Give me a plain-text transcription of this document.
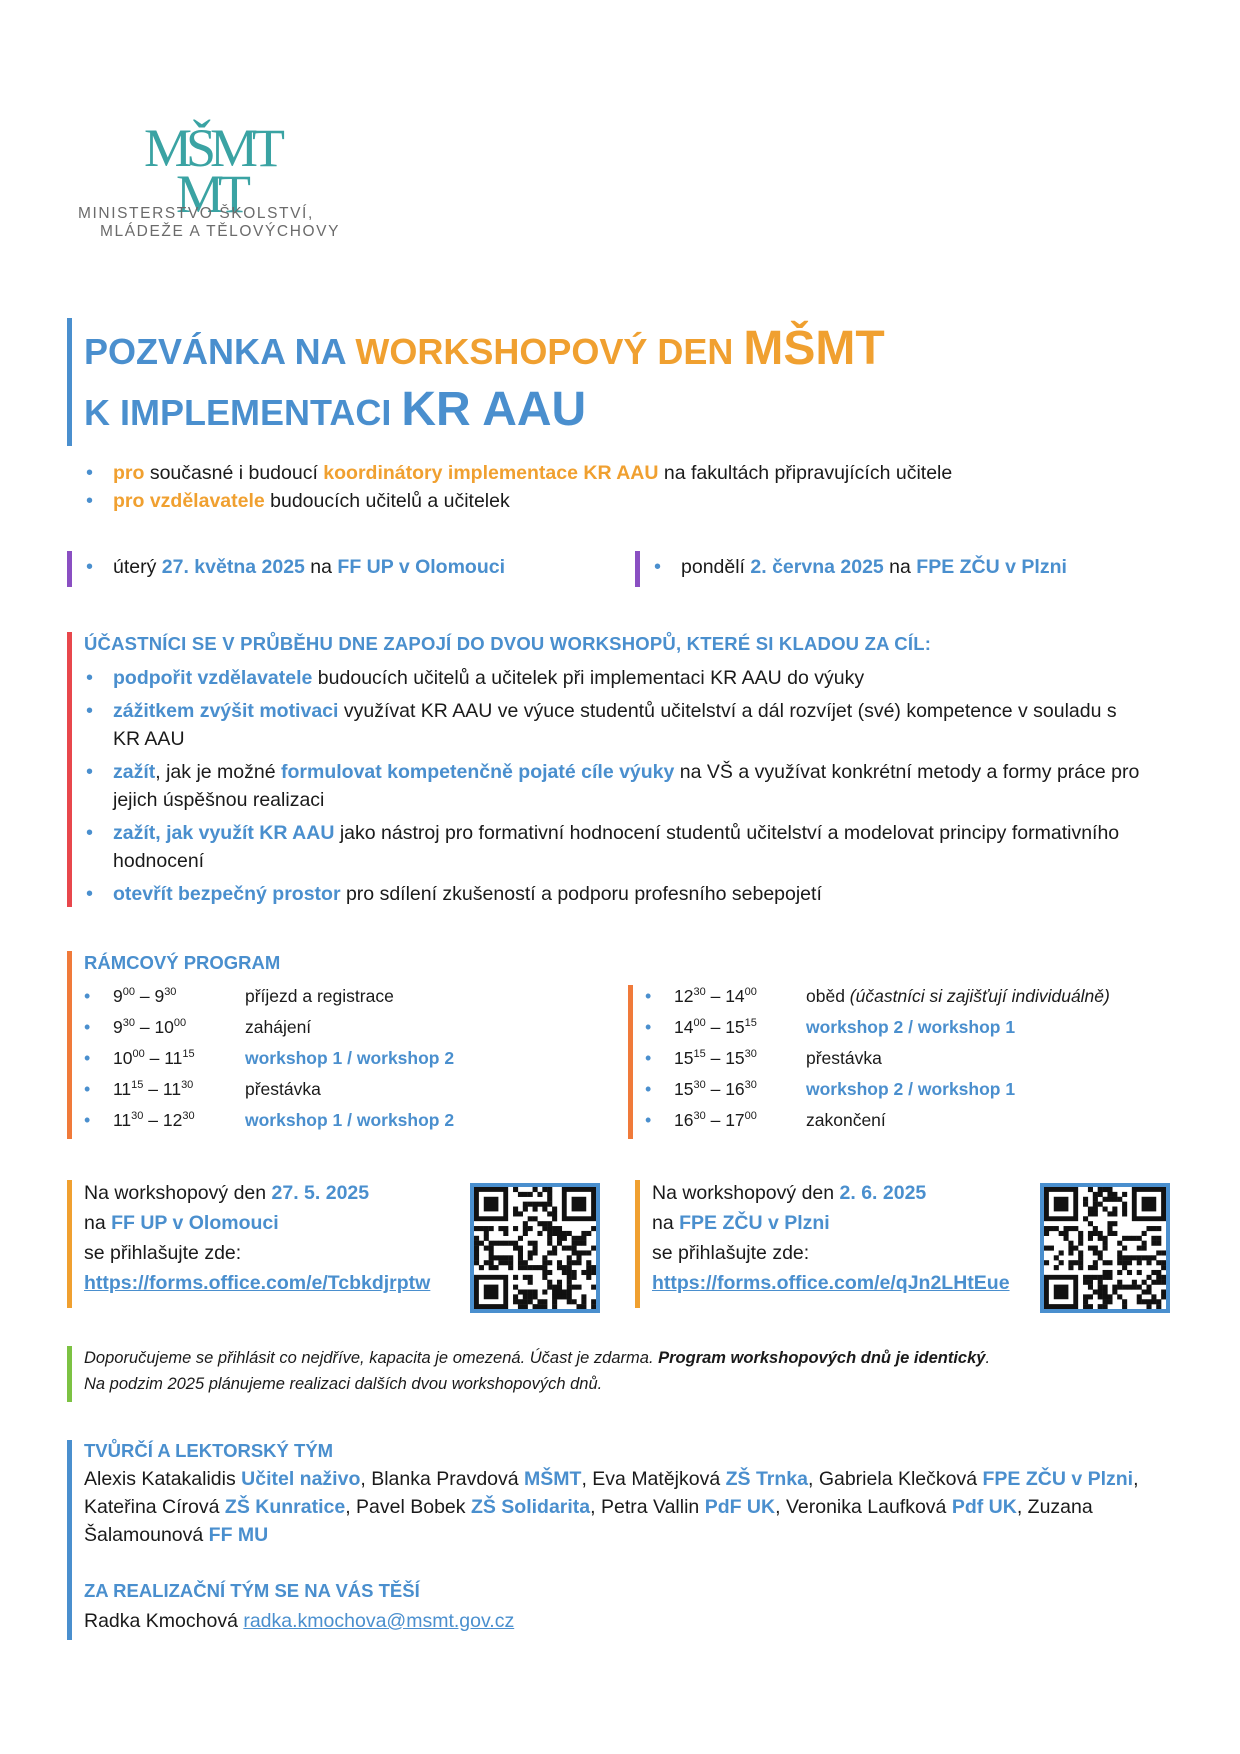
MŠMT
MT
MINISTERSTVO ŠKOLSTVÍ,
MLÁDEŽE A TĚLOVÝCHOVY
POZVÁNKA NA WORKSHOPOVÝ DEN MŠMT
K IMPLEMENTACI KR AAU
• pro současné i budoucí koordinátory implementace KR AAU na fakultách připravujících učitele
• pro vzdělavatele budoucích učitelů a učitelek
• úterý 27. května 2025 na FF UP v Olomouci
•	pondělí 2. června 2025 na FPE ZČU v Plzni
ÚČASTNÍCI SE V PRŮBĚHU DNE ZAPOJÍ DO DVOU WORKSHOPŮ, KTERÉ SI KLADOU ZA CÍL:
• podpořit vzdělavatele budoucích učitelů a učitelek při implementaci KR AAU do výuky
• zážitkem zvýšit motivaci využívat KR AAU ve výuce studentů učitelství a dál rozvíjet (své) kompetence v souladu s KR AAU
• zažít, jak je možné formulovat kompetenčně pojaté cíle výuky na VŠ a využívat konkrétní metody a formy práce pro jejich úspěšnou realizaci
• zažít, jak využít KR AAU jako nástroj pro formativní hodnocení studentů učitelství a modelovat principy formativního hodnocení
• otevřít bezpečný prostor pro sdílení zkušeností a podporu profesního sebepojetí
RÁMCOVÝ PROGRAM
• $9^{00} - 9^{30}$	příjezd a registrace
• $9^{30} - 10^{00}$	zahájení
• $10^{00} - 11^{15}$	workshop 1 / workshop 2
• $11^{15} - 11^{30}$	přestávka
• $11^{30} - 12^{30}$	workshop 1 / workshop 2
• $12^{30} - 14^{00}$	oběd (účastníci si zajišťují individuálně)
• $14^{00} - 15^{15}$	workshop 2 / workshop 1
• $15^{15} - 15^{30}$	přestávka
• $15^{30} - 16^{30}$	workshop 2 / workshop 1
• $16^{30} - 17^{00}$	zakončení
Na workshopový den 27. 5. 2025
na FF UP v Olomouci
se přihlašujte zde:
https://forms.office.com/e/Tcbkdjrptw
Na workshopový den 2. 6. 2025
na FPE ZČU v Plzni
se přihlašujte zde:
https://forms.office.com/e/qJn2LHtEue
Doporučujeme se přihlásit co nejdříve, kapacita je omezená. Účast je zdarma. Program workshopových dnů je identický.
Na podzim 2025 plánujeme realizaci dalších dvou workshopových dnů.
TVŮRČÍ A LEKTORSKÝ TÝM
Alexis Katakalidis Učitel naživo, Blanka Pravdová MŠMT, Eva Matějková ZŠ Trnka, Gabriela Klečková FPE ZČU v Plzni, Kateřina Círová ZŠ Kunratice, Pavel Bobek ZŠ Solidarita, Petra Vallin PdF UK, Veronika Laufková Pdf UK, Zuzana Šalamounová FF MU
ZA REALIZAČNÍ TÝM SE NA VÁS TĚŠÍ
Radka Kmochová radka.kmochova@msmt.gov.cz
